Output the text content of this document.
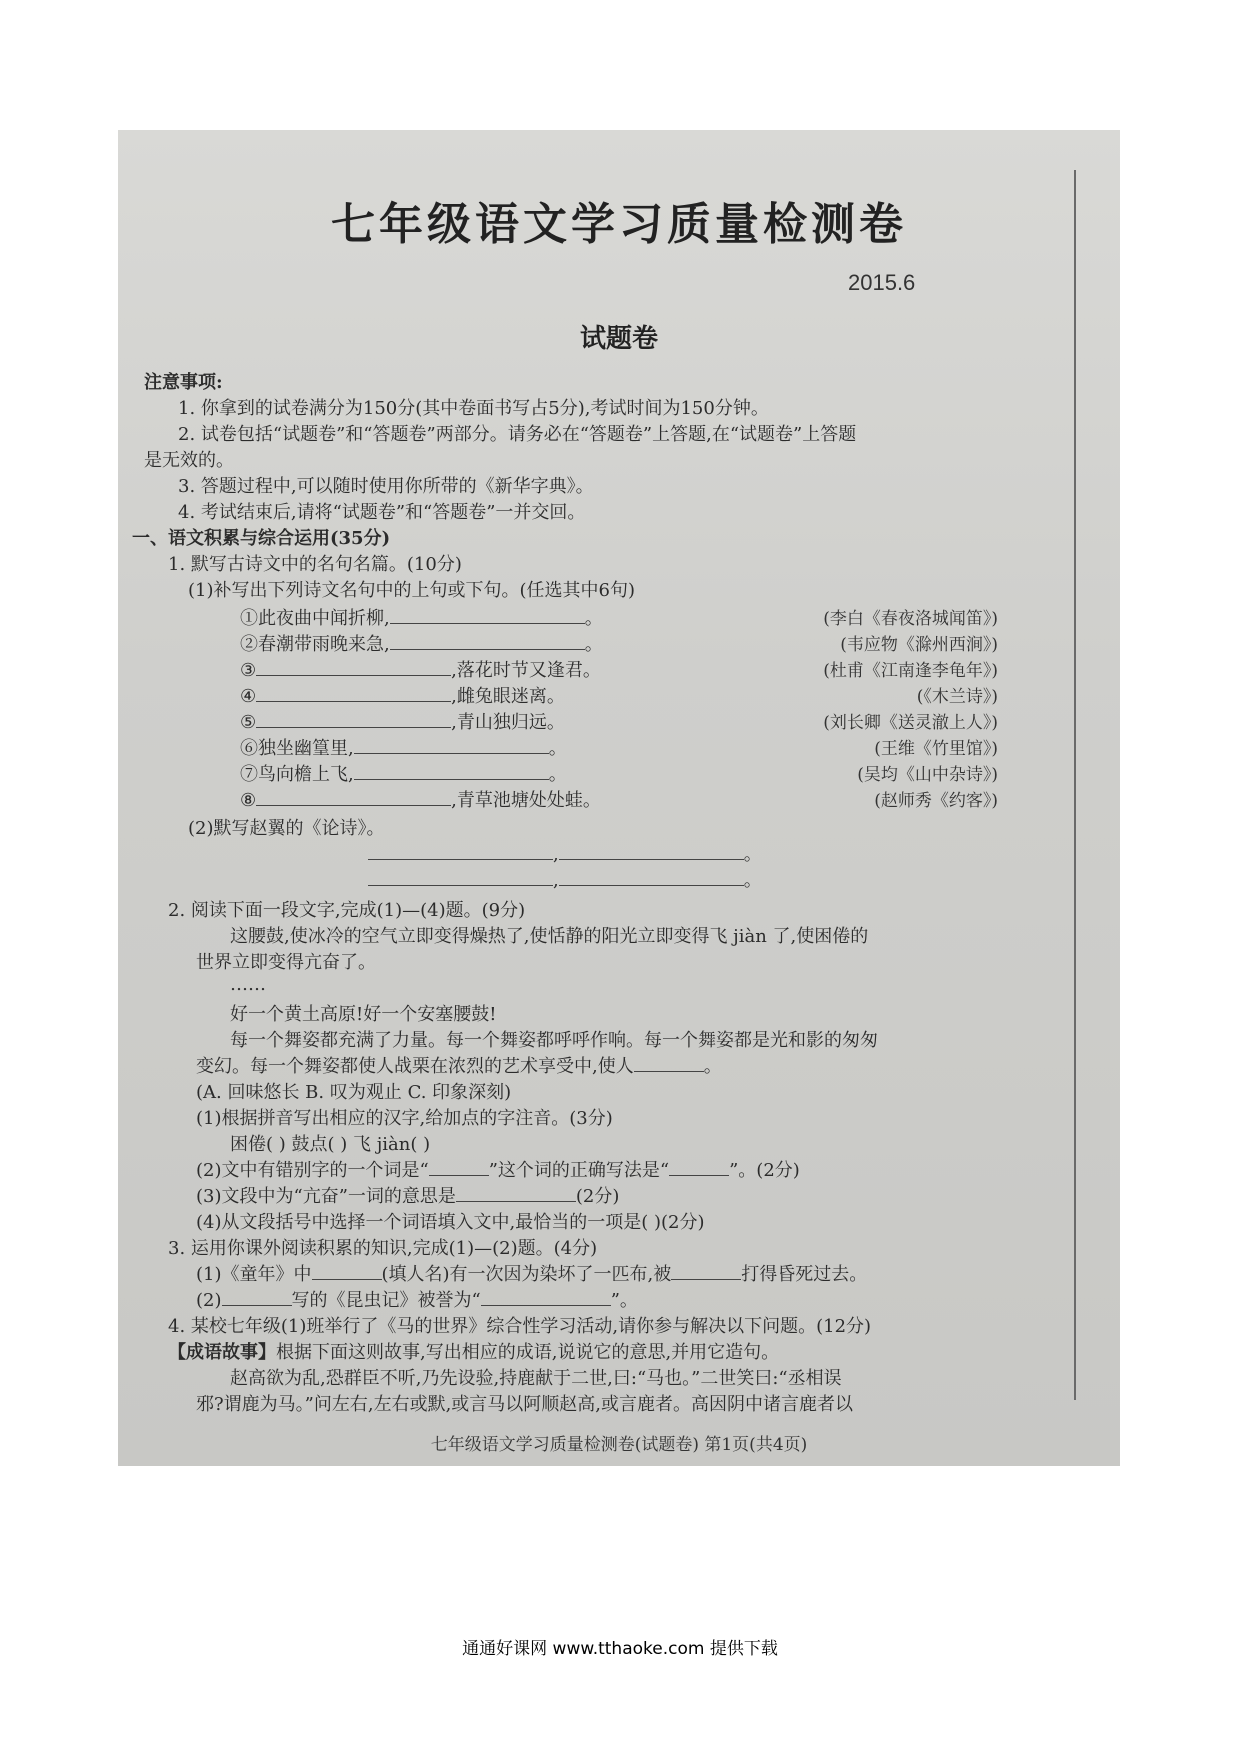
七年级语文学习质量检测卷
2015.6
试题卷
注意事项:
1. 你拿到的试卷满分为150分(其中卷面书写占5分),考试时间为150分钟。
2. 试卷包括“试题卷”和“答题卷”两部分。请务必在“答题卷”上答题,在“试题卷”上答题
是无效的。
3. 答题过程中,可以随时使用你所带的《新华字典》。
4. 考试结束后,请将“试题卷”和“答题卷”一并交回。
一、语文积累与综合运用(35分)
1. 默写古诗文中的名句名篇。(10分)
(1)补写出下列诗文名句中的上句或下句。(任选其中6句)
①此夜曲中闻折柳,	。	(李白《春夜洛城闻笛》)
②春潮带雨晚来急,	。	(韦应物《滁州西涧》)
③	,落花时节又逢君。	(杜甫《江南逢李龟年》)
④	,雌兔眼迷离。	(《木兰诗》)
⑤	,青山独归远。	(刘长卿《送灵澈上人》)
⑥独坐幽篁里,	。	(王维《竹里馆》)
⑦鸟向檐上飞,	。	(吴均《山中杂诗》)
⑧	,青草池塘处处蛙。	(赵师秀《约客》)
(2)默写赵翼的《论诗》。
,	。
,	。
2. 阅读下面一段文字,完成(1)—(4)题。(9分)
这腰鼓,使冰冷的空气立即变得燥热了,使恬静的阳光立即变得飞 jiàn 了,使困倦的
世界立即变得亢奋了。
……
好一个黄土高原!好一个安塞腰鼓!
每一个舞姿都充满了力量。每一个舞姿都呼呼作响。每一个舞姿都是光和影的匆匆
变幻。每一个舞姿都使人战栗在浓烈的艺术享受中,使人	。
(A. 回味悠长 B. 叹为观止 C. 印象深刻)
(1)根据拼音写出相应的汉字,给加点的字注音。(3分)
困倦( ) 鼓点( ) 飞 jiàn( )
(2)文中有错别字的一个词是“	”这个词的正确写法是“	”。(2分)
(3)文段中为“亢奋”一词的意思是	(2分)
(4)从文段括号中选择一个词语填入文中,最恰当的一项是( )(2分)
3. 运用你课外阅读积累的知识,完成(1)—(2)题。(4分)
(1)《童年》中	(填人名)有一次因为染坏了一匹布,被	打得昏死过去。
(2)	写的《昆虫记》被誉为“	”。
4. 某校七年级(1)班举行了《马的世界》综合性学习活动,请你参与解决以下问题。(12分)
【成语故事】根据下面这则故事,写出相应的成语,说说它的意思,并用它造句。
赵高欲为乱,恐群臣不听,乃先设验,持鹿献于二世,曰:“马也。”二世笑曰:“丞相误
邪?谓鹿为马。”问左右,左右或默,或言马以阿顺赵高,或言鹿者。高因阴中诸言鹿者以
七年级语文学习质量检测卷(试题卷) 第1页(共4页)
通通好课网 www.tthaoke.com 提供下载
